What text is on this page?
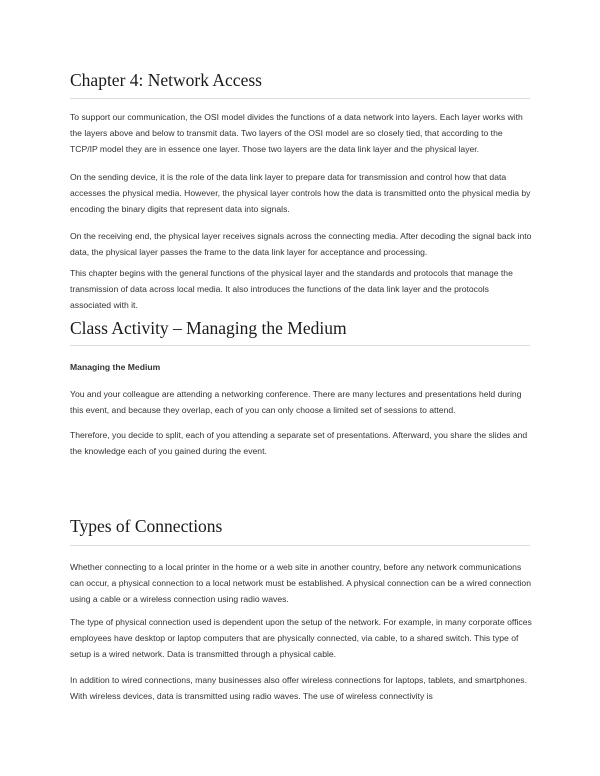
Chapter 4: Network Access

To support our communication, the OSI model divides the functions of a data network into layers. Each layer works with the layers above and below to transmit data. Two layers of the OSI model are so closely tied, that according to the TCP/IP model they are in essence one layer. Those two layers are the data link layer and the physical layer.

On the sending device, it is the role of the data link layer to prepare data for transmission and control how that data accesses the physical media. However, the physical layer controls how the data is transmitted onto the physical media by encoding the binary digits that represent data into signals.

On the receiving end, the physical layer receives signals across the connecting media. After decoding the signal back into data, the physical layer passes the frame to the data link layer for acceptance and processing.

This chapter begins with the general functions of the physical layer and the standards and protocols that manage the transmission of data across local media. It also introduces the functions of the data link layer and the protocols associated with it.

Class Activity – Managing the Medium
Managing the Medium

You and your colleague are attending a networking conference. There are many lectures and presentations held during this event, and because they overlap, each of you can only choose a limited set of sessions to attend.

Therefore, you decide to split, each of you attending a separate set of presentations. Afterward, you share the slides and the knowledge each of you gained during the event.

Types of Connections

Whether connecting to a local printer in the home or a web site in another country, before any network communications can occur, a physical connection to a local network must be established. A physical connection can be a wired connection using a cable or a wireless connection using radio waves.

The type of physical connection used is dependent upon the setup of the network. For example, in many corporate offices employees have desktop or laptop computers that are physically connected, via cable, to a shared switch. This type of setup is a wired network. Data is transmitted through a physical cable.

In addition to wired connections, many businesses also offer wireless connections for laptops, tablets, and smartphones. With wireless devices, data is transmitted using radio waves. The use of wireless connectivity is
